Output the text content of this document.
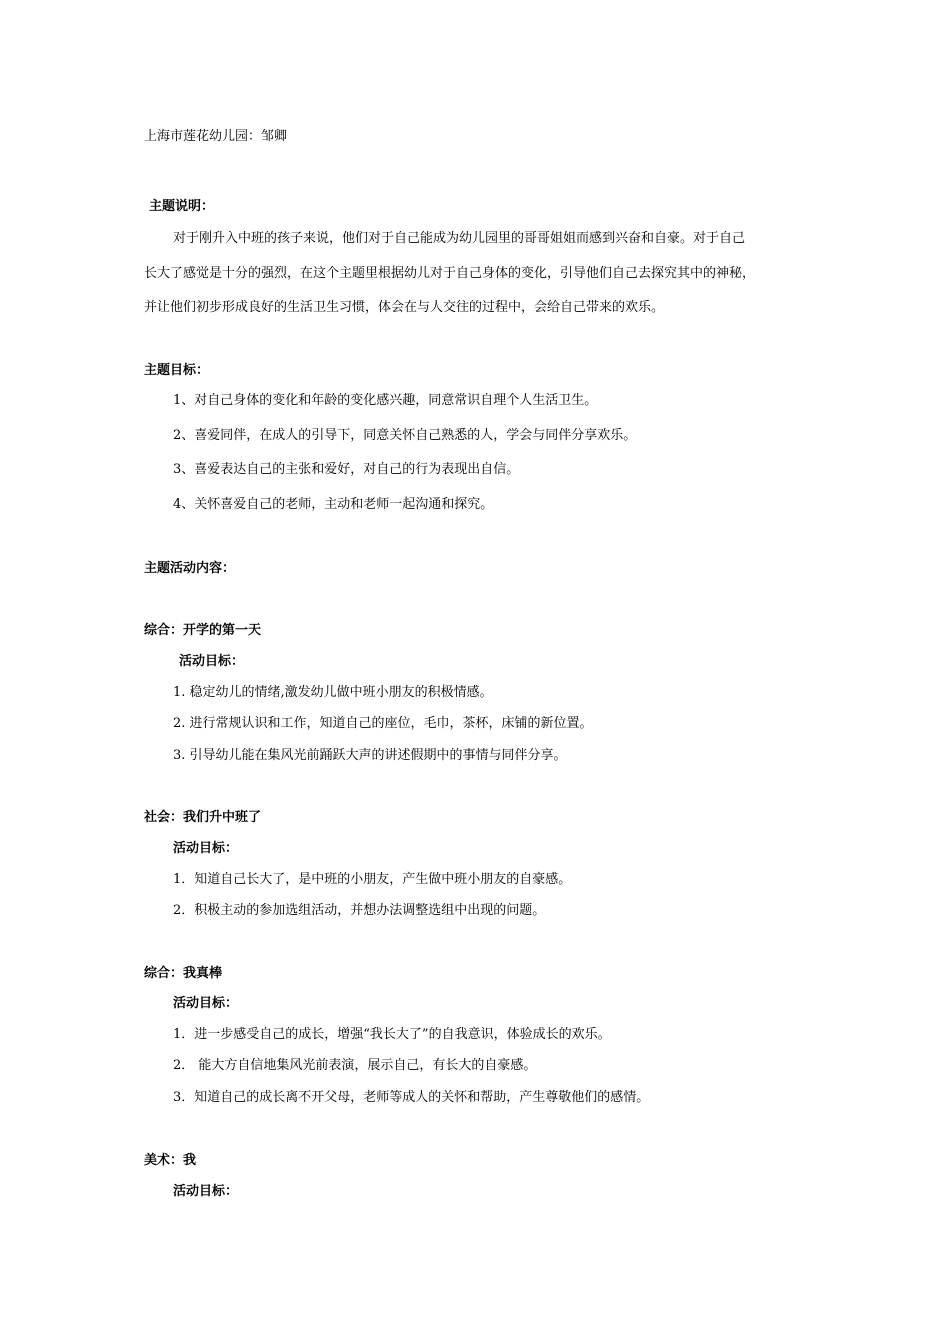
上海市莲花幼儿园：邹卿
主题说明：
对于刚升入中班的孩子来说，他们对于自己能成为幼儿园里的哥哥姐姐而感到兴奋和自豪。对于自己
长大了感觉是十分的强烈，在这个主题里根据幼儿对于自己身体的变化，引导他们自己去探究其中的神秘，
并让他们初步形成良好的生活卫生习惯，体会在与人交往的过程中，会给自己带来的欢乐。
主题目标：
1、对自己身体的变化和年龄的变化感兴趣，同意常识自理个人生活卫生。
2、喜爱同伴，在成人的引导下，同意关怀自己熟悉的人，学会与同伴分享欢乐。
3、喜爱表达自己的主张和爱好，对自己的行为表现出自信。
4、关怀喜爱自己的老师，主动和老师一起沟通和探究。
主题活动内容：
综合：开学的第一天
活动目标：
1. 稳定幼儿的情绪,激发幼儿做中班小朋友的积极情感。
2. 进行常规认识和工作，知道自己的座位，毛巾，茶杯，床铺的新位置。
3. 引导幼儿能在集风光前踊跃大声的讲述假期中的事情与同伴分享。
社会：我们升中班了
活动目标：
1．知道自己长大了，是中班的小朋友，产生做中班小朋友的自豪感。
2．积极主动的参加选组活动，并想办法调整选组中出现的问题。
综合：我真棒
活动目标：
1．进一步感受自己的成长，增强“我长大了”的自我意识，体验成长的欢乐。
2． 能大方自信地集风光前表演，展示自己，有长大的自豪感。
3．知道自己的成长离不开父母，老师等成人的关怀和帮助，产生尊敬他们的感情。
美术：我
活动目标：
